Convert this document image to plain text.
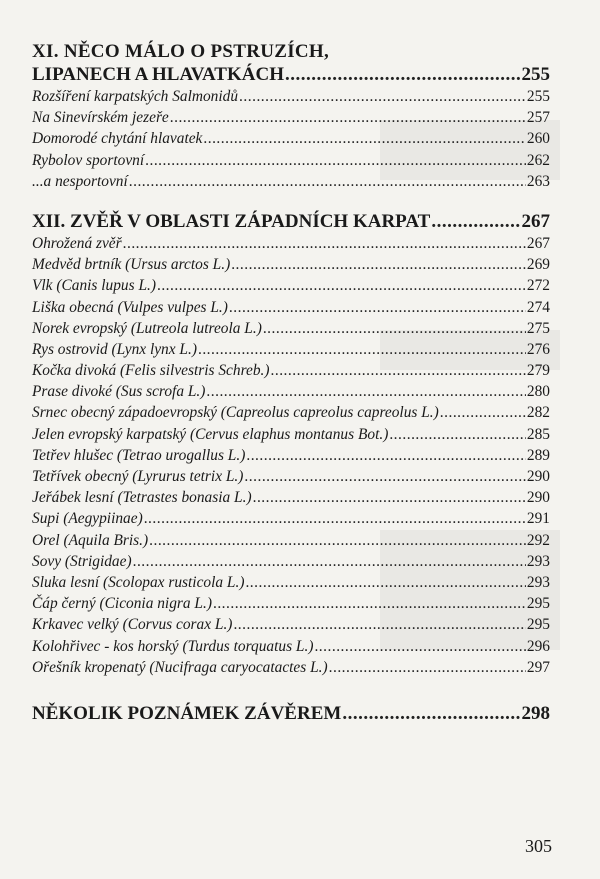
XI. NĚCO MÁLO O PSTRUZÍCH,
LIPANECH A HLAVATKÁCH .....	255
Rozšíření karpatských Salmonidů .....	255
Na Sinevírském jezeře .....	257
Domorodé chytání hlavatek .....	260
Rybolov sportovní .....	262
...a nesportovní .....	263
XII. ZVĚŘ V OBLASTI ZÁPADNÍCH KARPAT .....	267
Ohrožená zvěř .....	267
Medvěd brtník (Ursus arctos L.) .....	269
Vlk (Canis lupus L.) .....	272
Liška obecná (Vulpes vulpes L.) .....	274
Norek evropský (Lutreola lutreola L.) .....	275
Rys ostrovid (Lynx lynx L.) .....	276
Kočka divoká (Felis silvestris Schreb.) .....	279
Prase divoké (Sus scrofa L.) .....	280
Srnec obecný západoevropský (Capreolus capreolus capreolus L.) .....	282
Jelen evropský karpatský (Cervus elaphus montanus Bot.) .....	285
Tetřev hlušec (Tetrao urogallus L.) .....	289
Tetřívek obecný (Lyrurus tetrix L.) .....	290
Jeřábek lesní (Tetrastes bonasia L.) .....	290
Supi (Aegypiinae) .....	291
Orel (Aquila Bris.) .....	292
Sovy (Strigidae) .....	293
Sluka lesní (Scolopax rusticola L.) .....	293
Čáp černý (Ciconia nigra L.) .....	295
Krkavec velký (Corvus corax L.) .....	295
Kolohřivec - kos horský (Turdus torquatus L.) .....	296
Ořešník kropenatý (Nucifraga caryocatactes L.) .....	297
NĚKOLIK POZNÁMEK ZÁVĚREM .....	298
305
